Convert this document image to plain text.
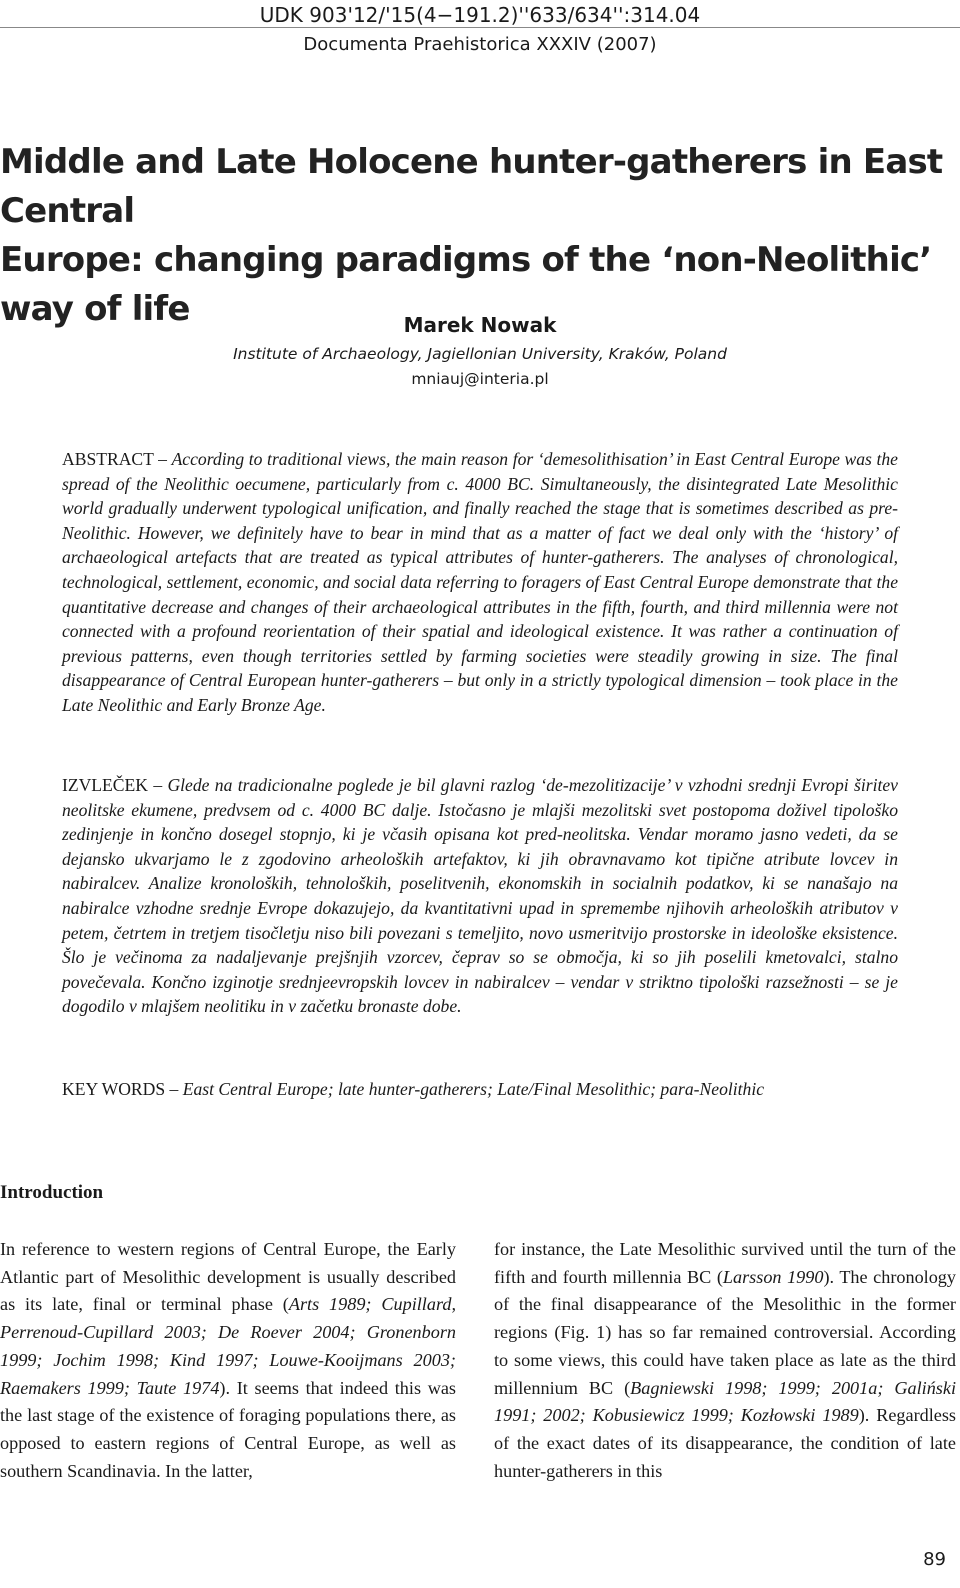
UDK 903'12/'15(4−191.2)''633/634'':314.04
Documenta Praehistorica XXXIV (2007)
Middle and Late Holocene hunter-gatherers in East Central
Europe: changing paradigms of the ‘non-Neolithic’ way of life	Marek Nowak
Institute of Archaeology, Jagiellonian University, Kraków, Poland
mniauj@interia.pl
ABSTRACT – According to traditional views, the main reason for ‘demesolithisation’ in East Central Europe was the spread of the Neolithic oecumene, particularly from c. 4000 BC. Simultaneously, the disintegrated Late Mesolithic world gradually underwent typological unification, and finally reached the stage that is sometimes described as pre-Neolithic. However, we definitely have to bear in mind that as a matter of fact we deal only with the ‘history’ of archaeological artefacts that are treated as typical attributes of hunter-gatherers. The analyses of chronological, technological, settlement, economic, and social data referring to foragers of East Central Europe demonstrate that the quantitative decrease and changes of their archaeological attributes in the fifth, fourth, and third millennia were not connected with a profound reorientation of their spatial and ideological existence. It was rather a continuation of previous patterns, even though territories settled by farming societies were steadily growing in size. The final disappearance of Central European hunter-gatherers – but only in a strictly typological dimension – took place in the Late Neolithic and Early Bronze Age.
IZVLEČEK – Glede na tradicionalne poglede je bil glavni razlog ‘de-mezolitizacije’ v vzhodni srednji Evropi širitev neolitske ekumene, predvsem od c. 4000 BC dalje. Istočasno je mlajši mezolitski svet postopoma doživel tipološko zedinjenje in končno dosegel stopnjo, ki je včasih opisana kot pred-neolitska. Vendar moramo jasno vedeti, da se dejansko ukvarjamo le z zgodovino arheoloških artefaktov, ki jih obravnavamo kot tipične atribute lovcev in nabiralcev. Analize kronoloških, tehnoloških, poselitvenih, ekonomskih in socialnih podatkov, ki se nanašajo na nabiralce vzhodne srednje Evrope dokazujejo, da kvantitativni upad in spremembe njihovih arheoloških atributov v petem, četrtem in tretjem tisočletju niso bili povezani s temeljito, novo usmeritvijo prostorske in ideološke eksistence. Šlo je večinoma za nadaljevanje prejšnjih vzorcev, čeprav so se območja, ki so jih poselili kmetovalci, stalno povečevala. Končno izginotje srednjeevropskih lovcev in nabiralcev – vendar v striktno tipološki razsežnosti – se je dogodilo v mlajšem neolitiku in v začetku bronaste dobe.
KEY WORDS – East Central Europe; late hunter-gatherers; Late/Final Mesolithic; para-Neolithic
Introduction
In reference to western regions of Central Europe, the Early Atlantic part of Mesolithic development is usually described as its late, final or terminal phase (Arts 1989; Cupillard, Perrenoud-Cupillard 2003; De Roever 2004; Gronenborn 1999; Jochim 1998; Kind 1997; Louwe-Kooijmans 2003; Raemakers 1999; Taute 1974). It seems that indeed this was the last stage of the existence of foraging populations there, as opposed to eastern regions of Central Europe, as well as southern Scandinavia. In the latter,
for instance, the Late Mesolithic survived until the turn of the fifth and fourth millennia BC (Larsson 1990). The chronology of the final disappearance of the Mesolithic in the former regions (Fig. 1) has so far remained controversial. According to some views, this could have taken place as late as the third millennium BC (Bagniewski 1998; 1999; 2001a; Galiński 1991; 2002; Kobusiewicz 1999; Kozłowski 1989). Regardless of the exact dates of its disappearance, the condition of late hunter-gatherers in this
89
